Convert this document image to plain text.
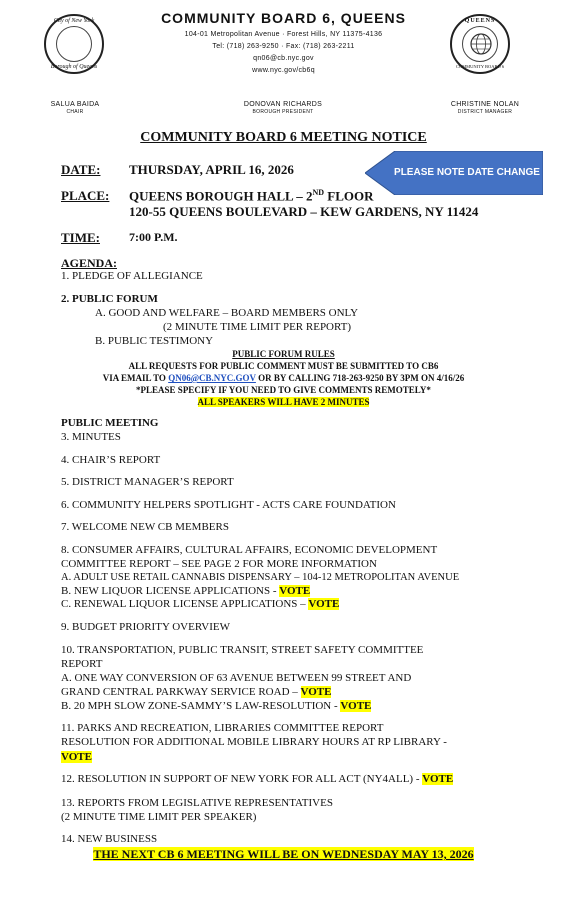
City of New York
Borough of Queens
QUEENS
COMMUNITY BOARD 6
COMMUNITY BOARD 6, QUEENS
104-01 Metropolitan Avenue · Forest Hills, NY 11375-4136
Tel: (718) 263-9250 · Fax: (718) 263-2211
qn06@cb.nyc.gov
www.nyc.gov/cb6q
SALUA BAIDA
CHAIR
DONOVAN RICHARDS
BOROUGH PRESIDENT
CHRISTINE NOLAN
DISTRICT MANAGER
COMMUNITY BOARD 6 MEETING NOTICE
DATE: THURSDAY, APRIL 16, 2026	PLEASE NOTE DATE CHANGE
PLACE: QUEENS BOROUGH HALL – 2ND FLOOR
120-55 QUEENS BOULEVARD – KEW GARDENS, NY 11424
TIME: 7:00 P.M.
AGENDA:
1. PLEDGE OF ALLEGIANCE
2. PUBLIC FORUM
A. GOOD AND WELFARE – BOARD MEMBERS ONLY
(2 MINUTE TIME LIMIT PER REPORT)
B. PUBLIC TESTIMONY
PUBLIC FORUM RULES
ALL REQUESTS FOR PUBLIC COMMENT MUST BE SUBMITTED TO CB6
VIA EMAIL TO QN06@CB.NYC.GOV OR BY CALLING 718-263-9250 BY 3PM ON 4/16/26
*PLEASE SPECIFY IF YOU NEED TO GIVE COMMENTS REMOTELY*
ALL SPEAKERS WILL HAVE 2 MINUTES
PUBLIC MEETING
3. MINUTES
4. CHAIR’S REPORT
5. DISTRICT MANAGER’S REPORT
6. COMMUNITY HELPERS SPOTLIGHT - ACTS CARE FOUNDATION
7. WELCOME NEW CB MEMBERS
8. CONSUMER AFFAIRS, CULTURAL AFFAIRS, ECONOMIC DEVELOPMENT
COMMITTEE REPORT – SEE PAGE 2 FOR MORE INFORMATION
A. ADULT USE RETAIL CANNABIS DISPENSARY – 104-12 METROPOLITAN AVENUE
B. NEW LIQUOR LICENSE APPLICATIONS - VOTE
C. RENEWAL LIQUOR LICENSE APPLICATIONS – VOTE
9. BUDGET PRIORITY OVERVIEW
10. TRANSPORTATION, PUBLIC TRANSIT, STREET SAFETY COMMITTEE
REPORT
A. ONE WAY CONVERSION OF 63 AVENUE BETWEEN 99 STREET AND
GRAND CENTRAL PARKWAY SERVICE ROAD – VOTE
B. 20 MPH SLOW ZONE-SAMMY’S LAW-RESOLUTION - VOTE
11. PARKS AND RECREATION, LIBRARIES COMMITTEE REPORT
RESOLUTION FOR ADDITIONAL MOBILE LIBRARY HOURS AT RP LIBRARY -
VOTE
12. RESOLUTION IN SUPPORT OF NEW YORK FOR ALL ACT (NY4ALL) - VOTE
13. REPORTS FROM LEGISLATIVE REPRESENTATIVES
(2 MINUTE TIME LIMIT PER SPEAKER)
14. NEW BUSINESS
THE NEXT CB 6 MEETING WILL BE ON WEDNESDAY MAY 13, 2026
